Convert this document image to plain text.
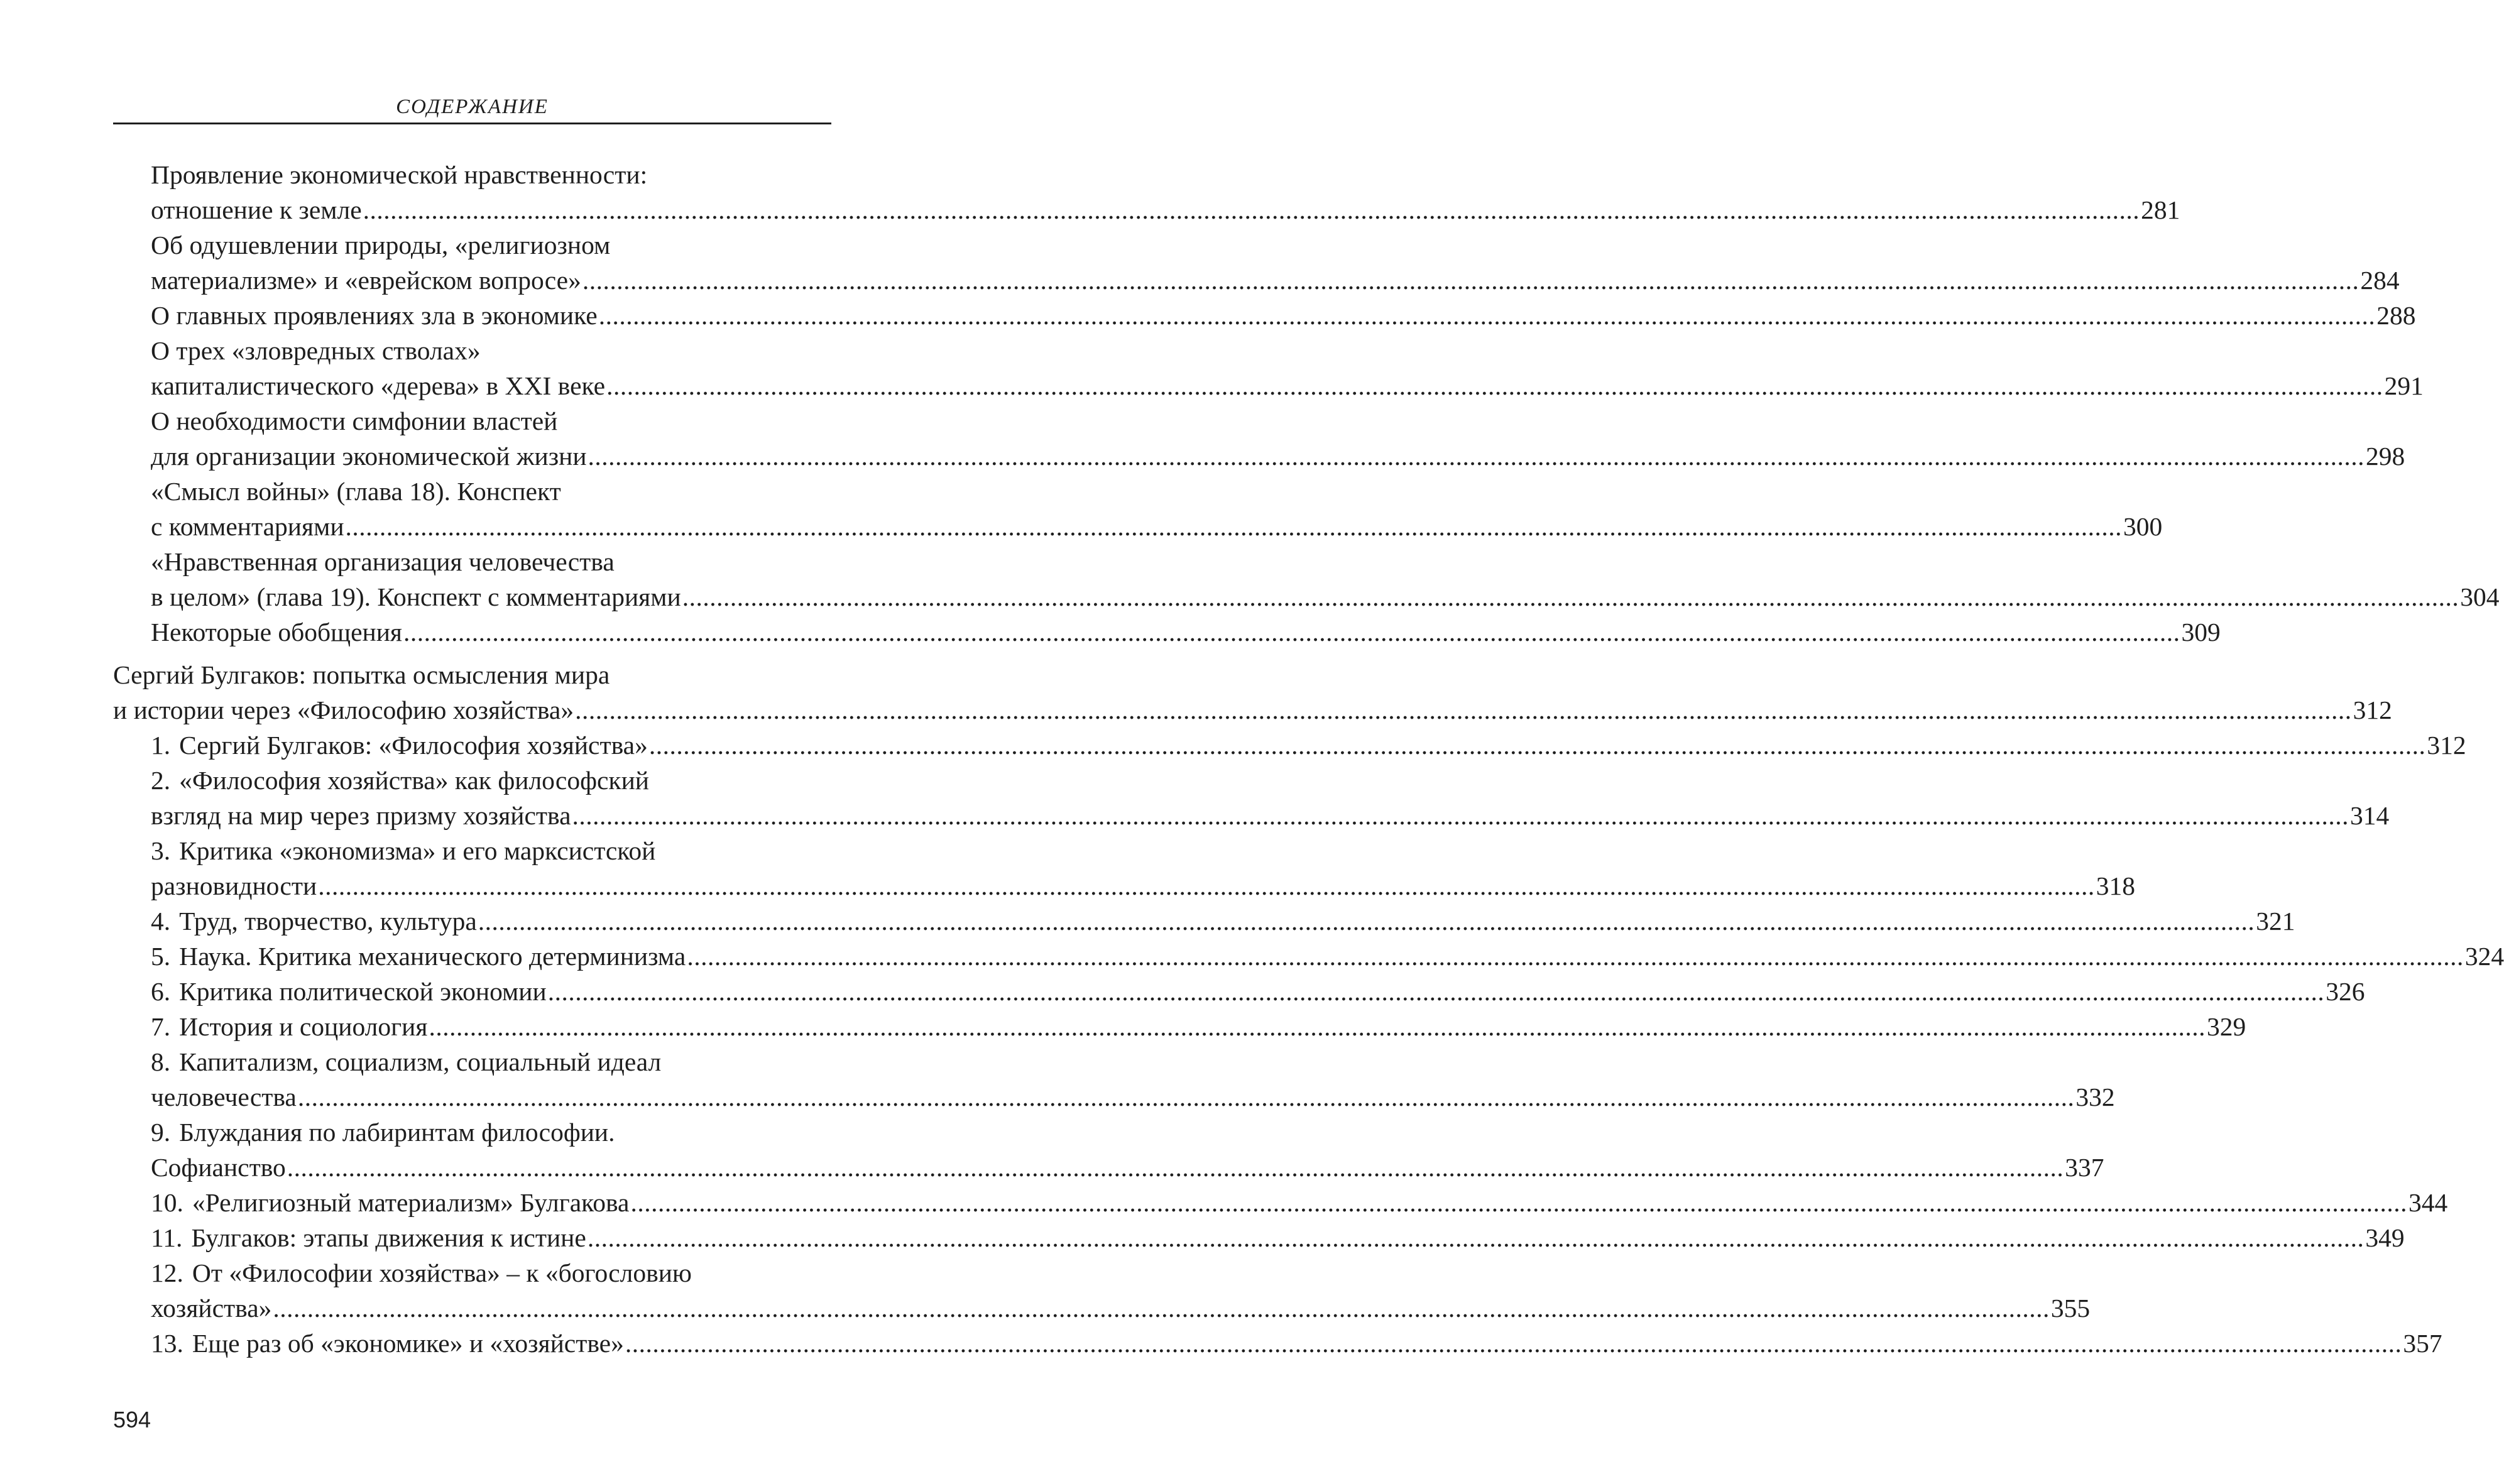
СОДЕРЖАНИЕ
Проявление экономической нравственности:
отношение к земле .................................................................................................................................................................................................................................................................... 281
Об одушевлении природы, «религиозном
материализме» и «еврейском вопросе» .................................................................................................................................................................................................................................................................... 284
О главных проявлениях зла в экономике .................................................................................................................................................................................................................................................................... 288
О трех «зловредных стволах»
капиталистического «дерева» в XXI веке .................................................................................................................................................................................................................................................................... 291
О необходимости симфонии властей
для организации экономической жизни .................................................................................................................................................................................................................................................................... 298
«Смысл войны» (глава 18). Конспект
с комментариями .................................................................................................................................................................................................................................................................... 300
«Нравственная организация человечества
в целом» (глава 19). Конспект с комментариями .................................................................................................................................................................................................................................................................... 304
Некоторые обобщения .................................................................................................................................................................................................................................................................... 309
Сергий Булгаков: попытка осмысления мира
и истории через «Философию хозяйства» .................................................................................................................................................................................................................................................................... 312
1. Сергий Булгаков: «Философия хозяйства» .................................................................................................................................................................................................................................................................... 312
2. «Философия хозяйства» как философский
взгляд на мир через призму хозяйства .................................................................................................................................................................................................................................................................... 314
3. Критика «экономизма» и его марксистской
разновидности .................................................................................................................................................................................................................................................................... 318
4. Труд, творчество, культура .................................................................................................................................................................................................................................................................... 321
5. Наука. Критика механического детерминизма .................................................................................................................................................................................................................................................................... 324
6. Критика политической экономии .................................................................................................................................................................................................................................................................... 326
7. История и социология .................................................................................................................................................................................................................................................................... 329
8. Капитализм, социализм, социальный идеал
человечества .................................................................................................................................................................................................................................................................... 332
9. Блуждания по лабиринтам философии.
Софианство .................................................................................................................................................................................................................................................................... 337
10. «Религиозный материализм» Булгакова .................................................................................................................................................................................................................................................................... 344
11. Булгаков: этапы движения к истине .................................................................................................................................................................................................................................................................... 349
12. От «Философии хозяйства» – к «богословию
хозяйства» .................................................................................................................................................................................................................................................................... 355
13. Еще раз об «экономике» и «хозяйстве» .................................................................................................................................................................................................................................................................... 357
594
